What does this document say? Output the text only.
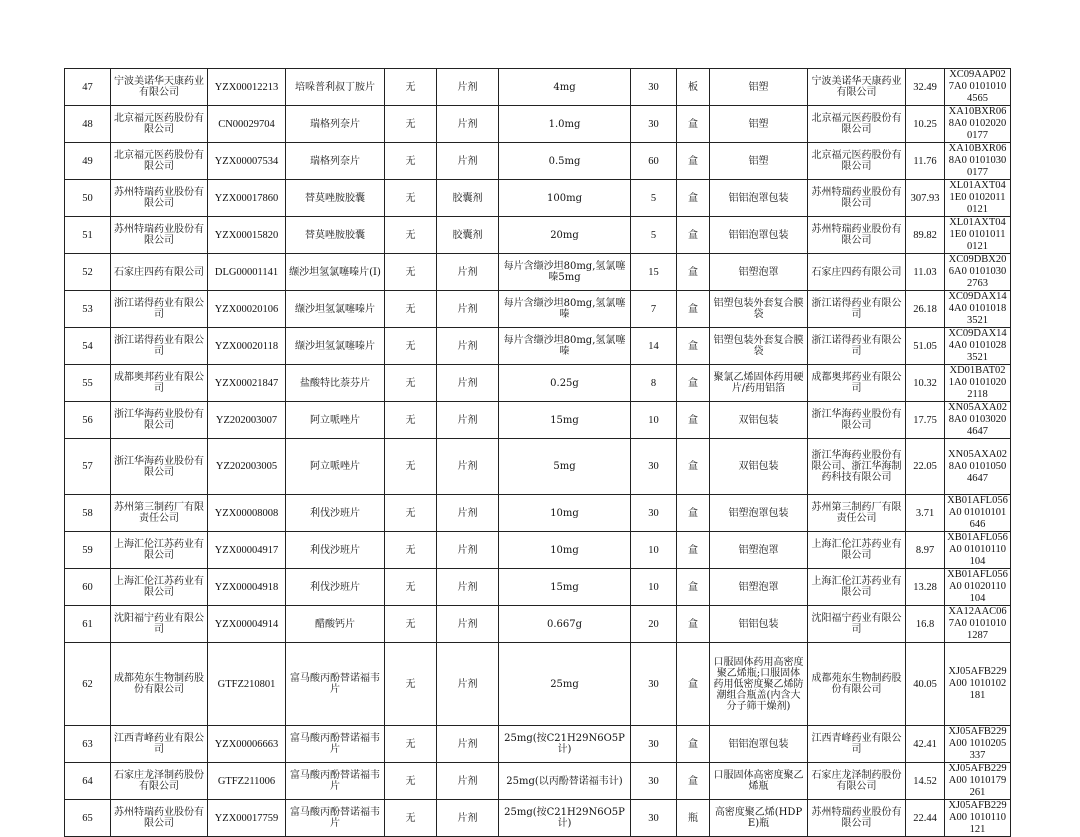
47	宁波美诺华天康药业有限公司	YZX00012213	培哚普利叔丁胺片	无	片剂	4mg	30	板	铝塑	宁波美诺华天康药业有限公司	32.49	XC09AAP027A0 01010104565
48	北京福元医药股份有限公司	CN00029704	瑞格列奈片	无	片剂	1.0mg	30	盒	铝塑	北京福元医药股份有限公司	10.25	XA10BXR068A0 01020200177
49	北京福元医药股份有限公司	YZX00007534	瑞格列奈片	无	片剂	0.5mg	60	盒	铝塑	北京福元医药股份有限公司	11.76	XA10BXR068A0 01010300177
50	苏州特瑞药业股份有限公司	YZX00017860	替莫唑胺胶囊	无	胶囊剂	100mg	5	盒	铝铝泡罩包装	苏州特瑞药业股份有限公司	307.93	XL01AXT041E0 01020110121
51	苏州特瑞药业股份有限公司	YZX00015820	替莫唑胺胶囊	无	胶囊剂	20mg	5	盒	铝铝泡罩包装	苏州特瑞药业股份有限公司	89.82	XL01AXT041E0 01010110121
52	石家庄四药有限公司	DLG00001141	缬沙坦氢氯噻嗪片(Ⅰ)	无	片剂	每片含缬沙坦80mg,氢氯噻嗪5mg	15	盒	铝塑泡罩	石家庄四药有限公司	11.03	XC09DBX206A0 01010302763
53	浙江诺得药业有限公司	YZX00020106	缬沙坦氢氯噻嗪片	无	片剂	每片含缬沙坦80mg,氢氯噻嗪	7	盒	铝塑包装外套复合膜袋	浙江诺得药业有限公司	26.18	XC09DAX144A0 01010183521
54	浙江诺得药业有限公司	YZX00020118	缬沙坦氢氯噻嗪片	无	片剂	每片含缬沙坦80mg,氢氯噻嗪	14	盒	铝塑包装外套复合膜袋	浙江诺得药业有限公司	51.05	XC09DAX144A0 01010283521
55	成都奥邦药业有限公司	YZX00021847	盐酸特比萘芬片	无	片剂	0.25g	8	盒	聚氯乙烯固体药用硬片/药用铝箔	成都奥邦药业有限公司	10.32	XD01BAT021A0 01010202118
56	浙江华海药业股份有限公司	YZ202003007	阿立哌唑片	无	片剂	15mg	10	盒	双铝包装	浙江华海药业股份有限公司	17.75	XN05AXA028A0 01030204647
57	浙江华海药业股份有限公司	YZ202003005	阿立哌唑片	无	片剂	5mg	30	盒	双铝包装	浙江华海药业股份有限公司、浙江华海制药科技有限公司	22.05	XN05AXA028A0 01010504647
58	苏州第三制药厂有限责任公司	YZX00008008	利伐沙班片	无	片剂	10mg	30	盒	铝塑泡罩包装	苏州第三制药厂有限责任公司	3.71	XB01AFL056A0 01010101646
59	上海汇伦江苏药业有限公司	YZX00004917	利伐沙班片	无	片剂	10mg	10	盒	铝塑泡罩	上海汇伦江苏药业有限公司	8.97	XB01AFL056A0 01010110104
60	上海汇伦江苏药业有限公司	YZX00004918	利伐沙班片	无	片剂	15mg	10	盒	铝塑泡罩	上海汇伦江苏药业有限公司	13.28	XB01AFL056A0 01020110104
61	沈阳福宁药业有限公司	YZX00004914	醋酸钙片	无	片剂	0.667g	20	盒	铝铝包装	沈阳福宁药业有限公司	16.8	XA12AAC067A0 01010101287
62	成都苑东生物制药股份有限公司	GTFZ210801	富马酸丙酚替诺福韦片	无	片剂	25mg	30	盒	口服固体药用高密度聚乙烯瓶;口服固体药用低密度聚乙烯防潮组合瓶盖(内含大分子筛干燥剂)	成都苑东生物制药股份有限公司	40.05	XJ05AFB229A00 1010102181
63	江西青峰药业有限公司	YZX00006663	富马酸丙酚替诺福韦片	无	片剂	25mg(按C21H29N6O5P计)	30	盒	铝铝泡罩包装	江西青峰药业有限公司	42.41	XJ05AFB229A00 1010205337
64	石家庄龙泽制药股份有限公司	GTFZ211006	富马酸丙酚替诺福韦片	无	片剂	25mg(以丙酚替诺福韦计)	30	盒	口服固体高密度聚乙烯瓶	石家庄龙泽制药股份有限公司	14.52	XJ05AFB229A00 1010179261
65	苏州特瑞药业股份有限公司	YZX00017759	富马酸丙酚替诺福韦片	无	片剂	25mg(按C21H29N6O5P计)	30	瓶	高密度聚乙烯(HDPE)瓶	苏州特瑞药业股份有限公司	22.44	XJ05AFB229A00 1010110121
